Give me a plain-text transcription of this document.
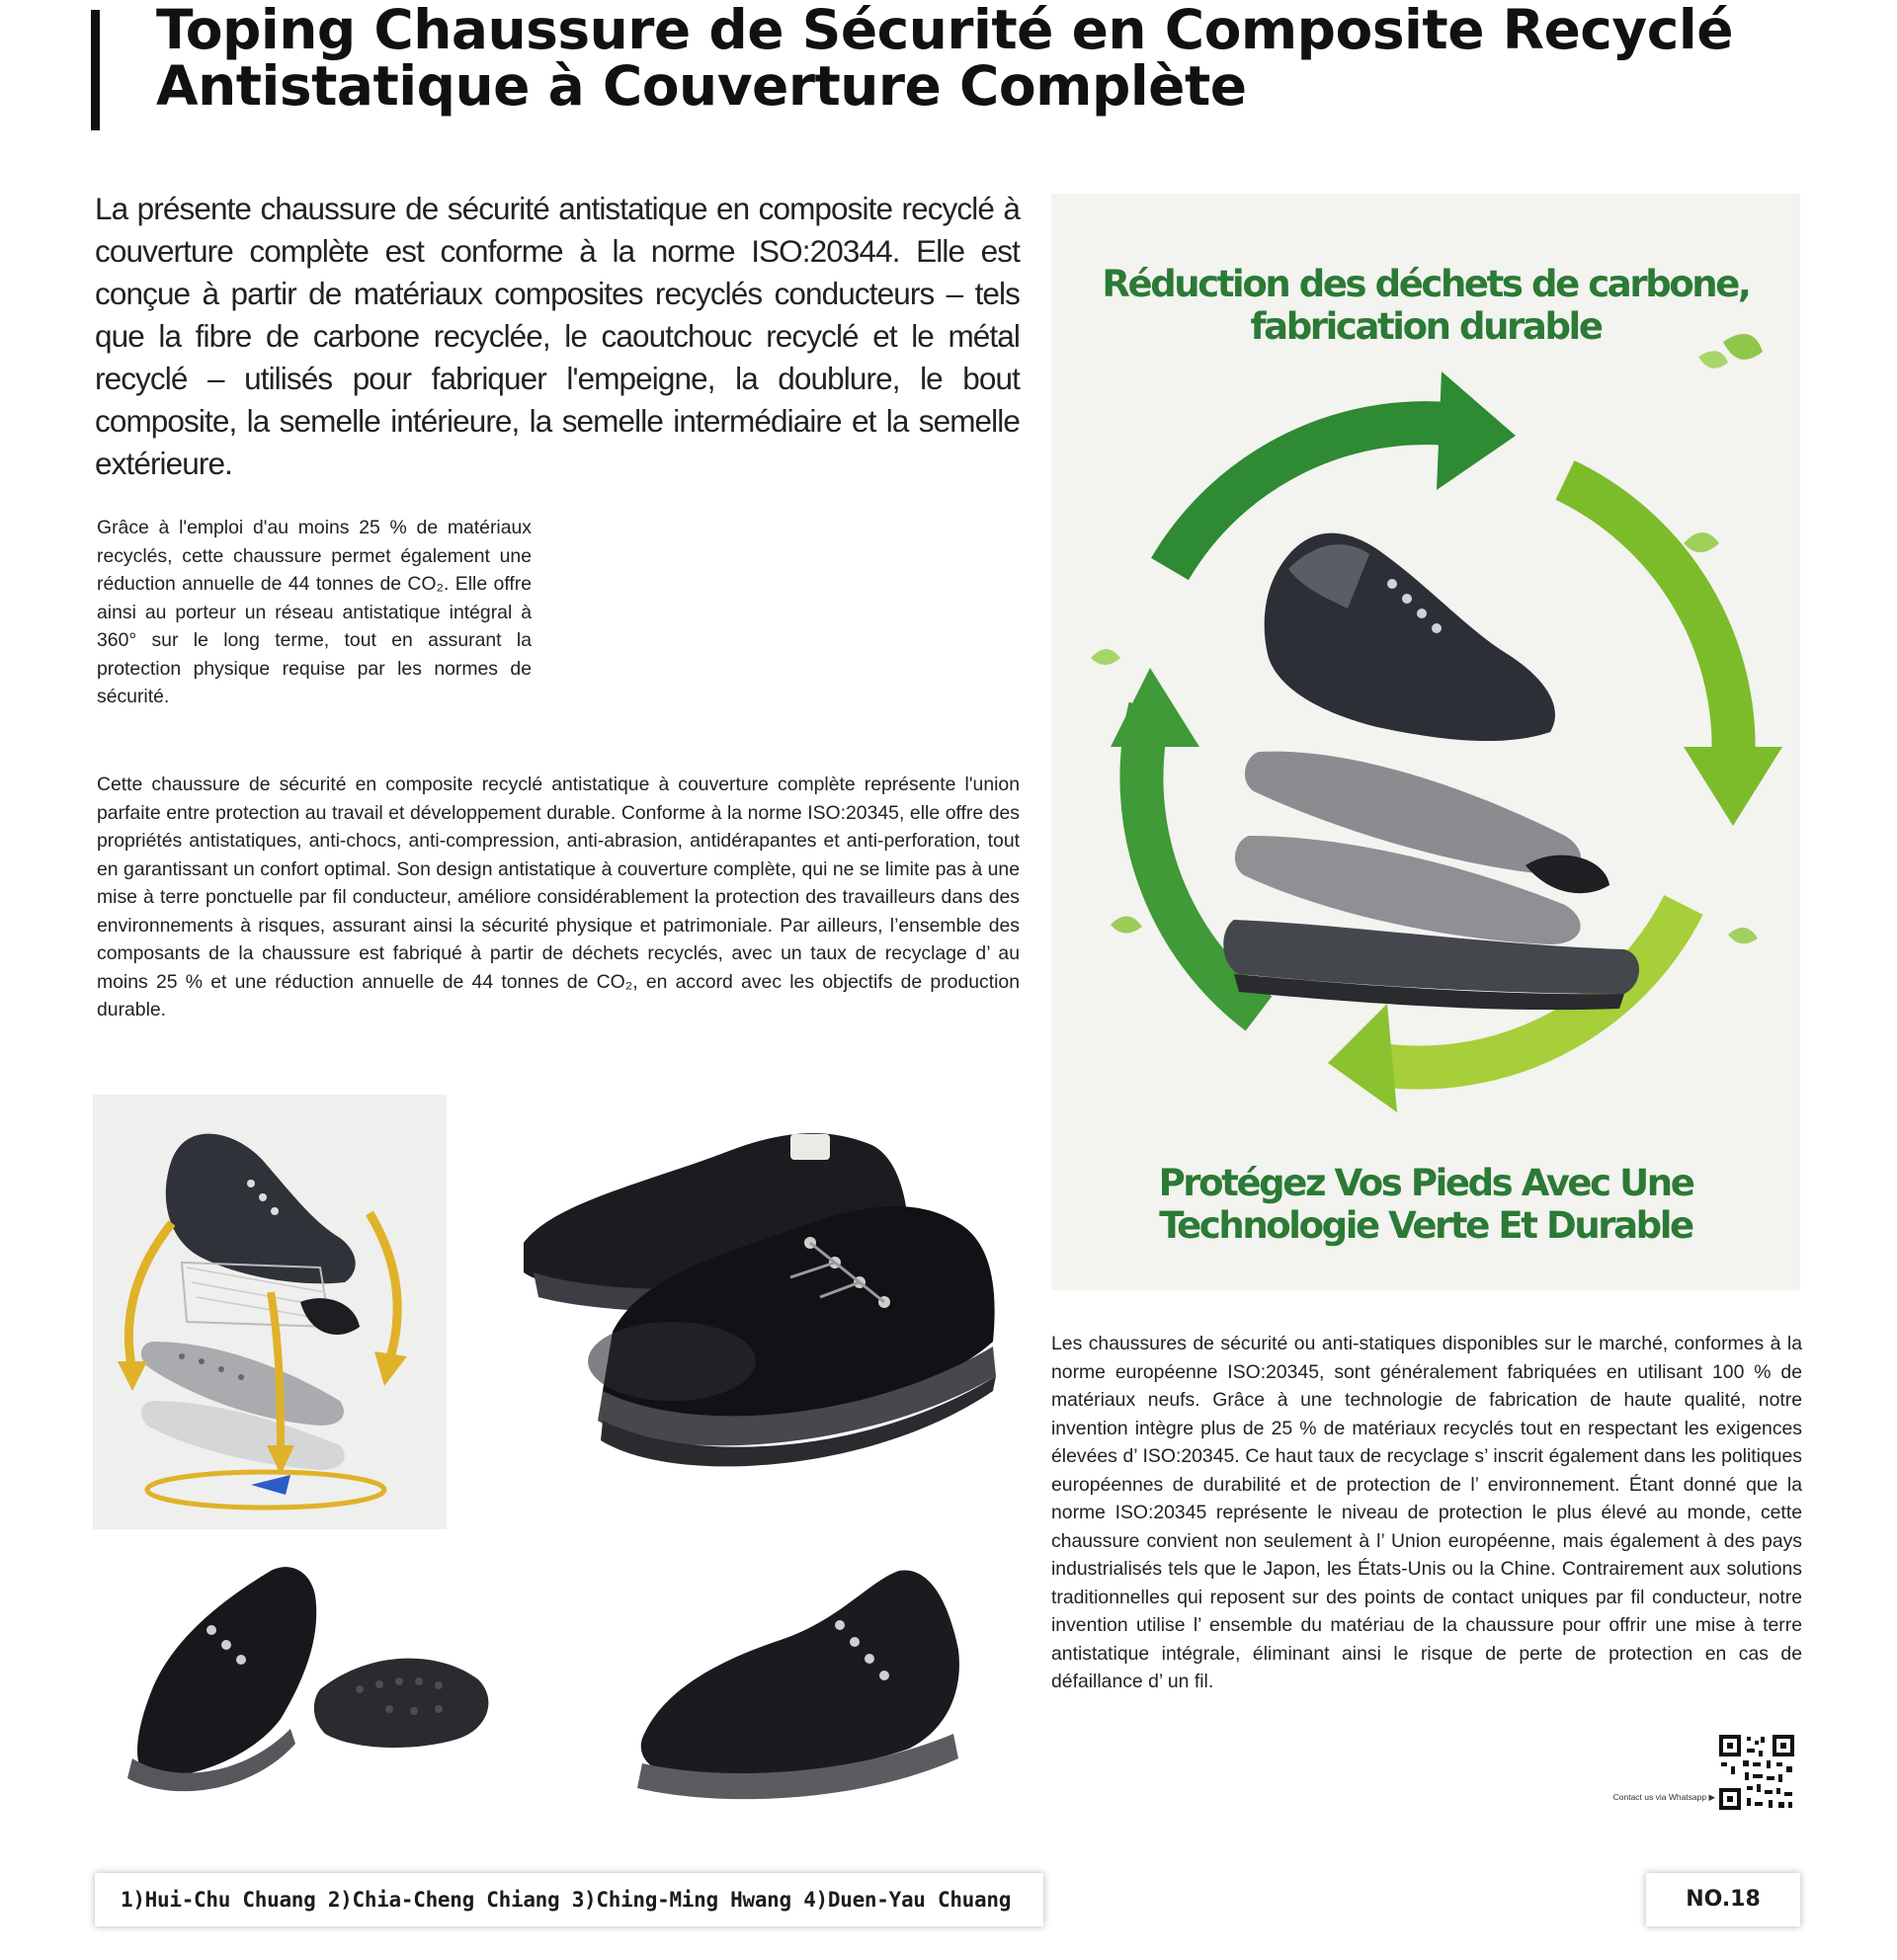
Toping Chaussure de Sécurité en Composite Recyclé
Antistatique à Couverture Complète

La présente chaussure de sécurité antistatique en composite recyclé à couverture complète est conforme à la norme ISO:20344. Elle est conçue à partir de matériaux composites recyclés conducteurs – tels que la fibre de carbone recyclée, le caoutchouc recyclé et le métal recyclé – utilisés pour fabriquer l'empeigne, la doublure, le bout composite, la semelle intérieure, la semelle intermédiaire et la semelle extérieure.

Grâce à l'emploi d'au moins 25 % de matériaux recyclés, cette chaussure permet également une réduction annuelle de 44 tonnes de CO₂. Elle offre ainsi au porteur un réseau antistatique intégral à 360° sur le long terme, tout en assurant la protection physique requise par les normes de sécurité.

Cette chaussure de sécurité en composite recyclé antistatique à couverture complète représente l'union parfaite entre protection au travail et développement durable. Conforme à la norme ISO:20345, elle offre des propriétés antistatiques, anti-chocs, anti-compression, anti-abrasion, antidérapantes et anti-perforation, tout en garantissant un confort optimal. Son design antistatique à couverture complète, qui ne se limite pas à une mise à terre ponctuelle par fil conducteur, améliore considérablement la protection des travailleurs dans des environnements à risques, assurant ainsi la sécurité physique et patrimoniale. Par ailleurs, l’ensemble des composants de la chaussure est fabriqué à partir de déchets recyclés, avec un taux de recyclage d’ au moins 25 % et une réduction annuelle de 44 tonnes de CO₂, en accord avec les objectifs de production durable.

Réduction des déchets de carbone,
fabrication durable
Protégez Vos Pieds Avec Une
Technologie Verte Et Durable

Les chaussures de sécurité ou anti-statiques disponibles sur le marché, conformes à la norme européenne ISO:20345, sont généralement fabriquées en utilisant 100 % de matériaux neufs. Grâce à une technologie de fabrication de haute qualité, notre invention intègre plus de 25 % de matériaux recyclés tout en respectant les exigences élevées d’ ISO:20345. Ce haut taux de recyclage s’ inscrit également dans les politiques européennes de durabilité et de protection de l’ environnement. Étant donné que la norme ISO:20345 représente le niveau de protection le plus élevé au monde, cette chaussure convient non seulement à l’ Union européenne, mais également à des pays industrialisés tels que le Japon, les États-Unis ou la Chine. Contrairement aux solutions traditionnelles qui reposent sur des points de contact uniques par fil conducteur, notre invention utilise l’ ensemble du matériau de la chaussure pour offrir une mise à terre antistatique intégrale, éliminant ainsi le risque de perte de protection en cas de défaillance d’ un fil.

Contact us via Whatsapp ▶

1)Hui-Chu Chuang 2)Chia-Cheng Chiang 3)Ching-Ming Hwang 4)Duen-Yau Chuang	NO.18
